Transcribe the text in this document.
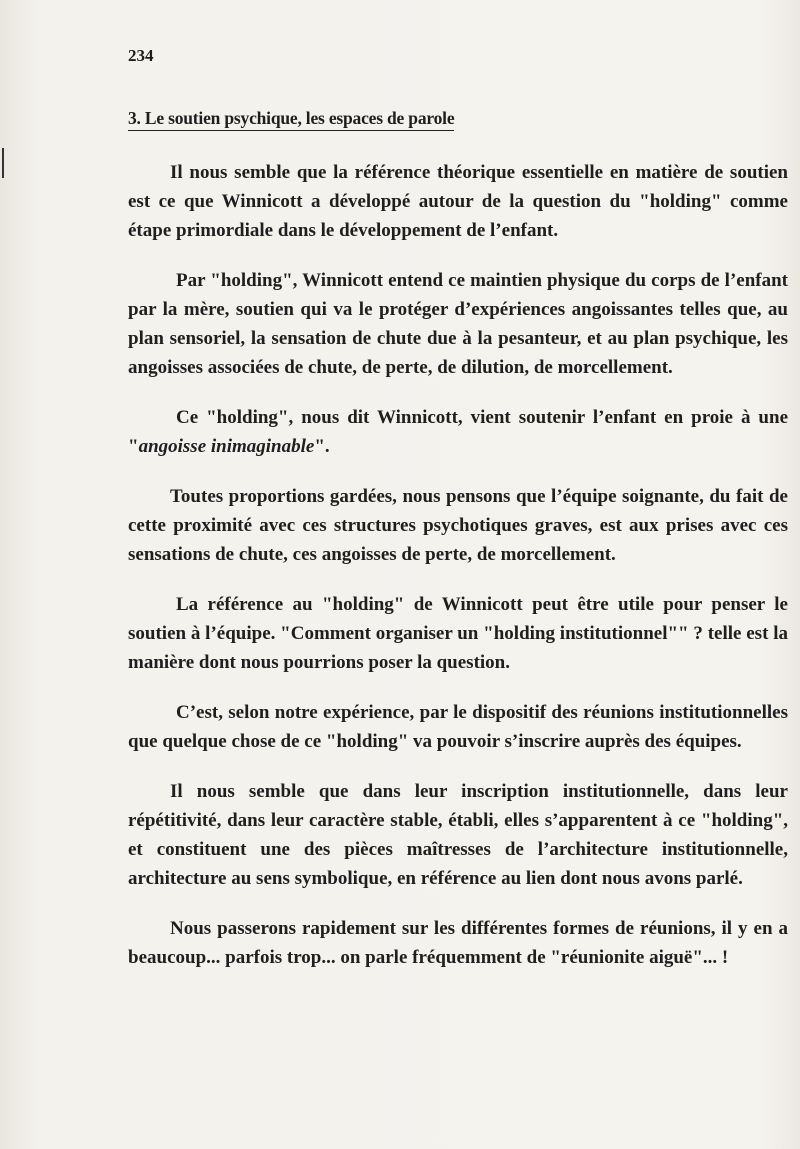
234
3. Le soutien psychique, les espaces de parole

Il nous semble que la référence théorique essentielle en matière de soutien est ce que Winnicott a développé autour de la question du "holding" comme étape primordiale dans le développement de l’enfant.

Par "holding", Winnicott entend ce maintien physique du corps de l’enfant par la mère, soutien qui va le protéger d’expériences angoissantes telles que, au plan sensoriel, la sensation de chute due à la pesanteur, et au plan psychique, les angoisses associées de chute, de perte, de dilution, de morcellement.

Ce "holding", nous dit Winnicott, vient soutenir l’enfant en proie à une "angoisse inimaginable".

Toutes proportions gardées, nous pensons que l’équipe soignante, du fait de cette proximité avec ces structures psychotiques graves, est aux prises avec ces sensations de chute, ces angoisses de perte, de morcellement.

La référence au "holding" de Winnicott peut être utile pour penser le soutien à l’équipe. "Comment organiser un "holding institutionnel"" ? telle est la manière dont nous pourrions poser la question.

C’est, selon notre expérience, par le dispositif des réunions institutionnelles que quelque chose de ce "holding" va pouvoir s’inscrire auprès des équipes.

Il nous semble que dans leur inscription institutionnelle, dans leur répétitivité, dans leur caractère stable, établi, elles s’apparentent à ce "holding", et constituent une des pièces maîtresses de l’architecture institutionnelle, architecture au sens symbolique, en référence au lien dont nous avons parlé.

Nous passerons rapidement sur les différentes formes de réunions, il y en a beaucoup... parfois trop... on parle fréquemment de "réunionite aiguë"... !
